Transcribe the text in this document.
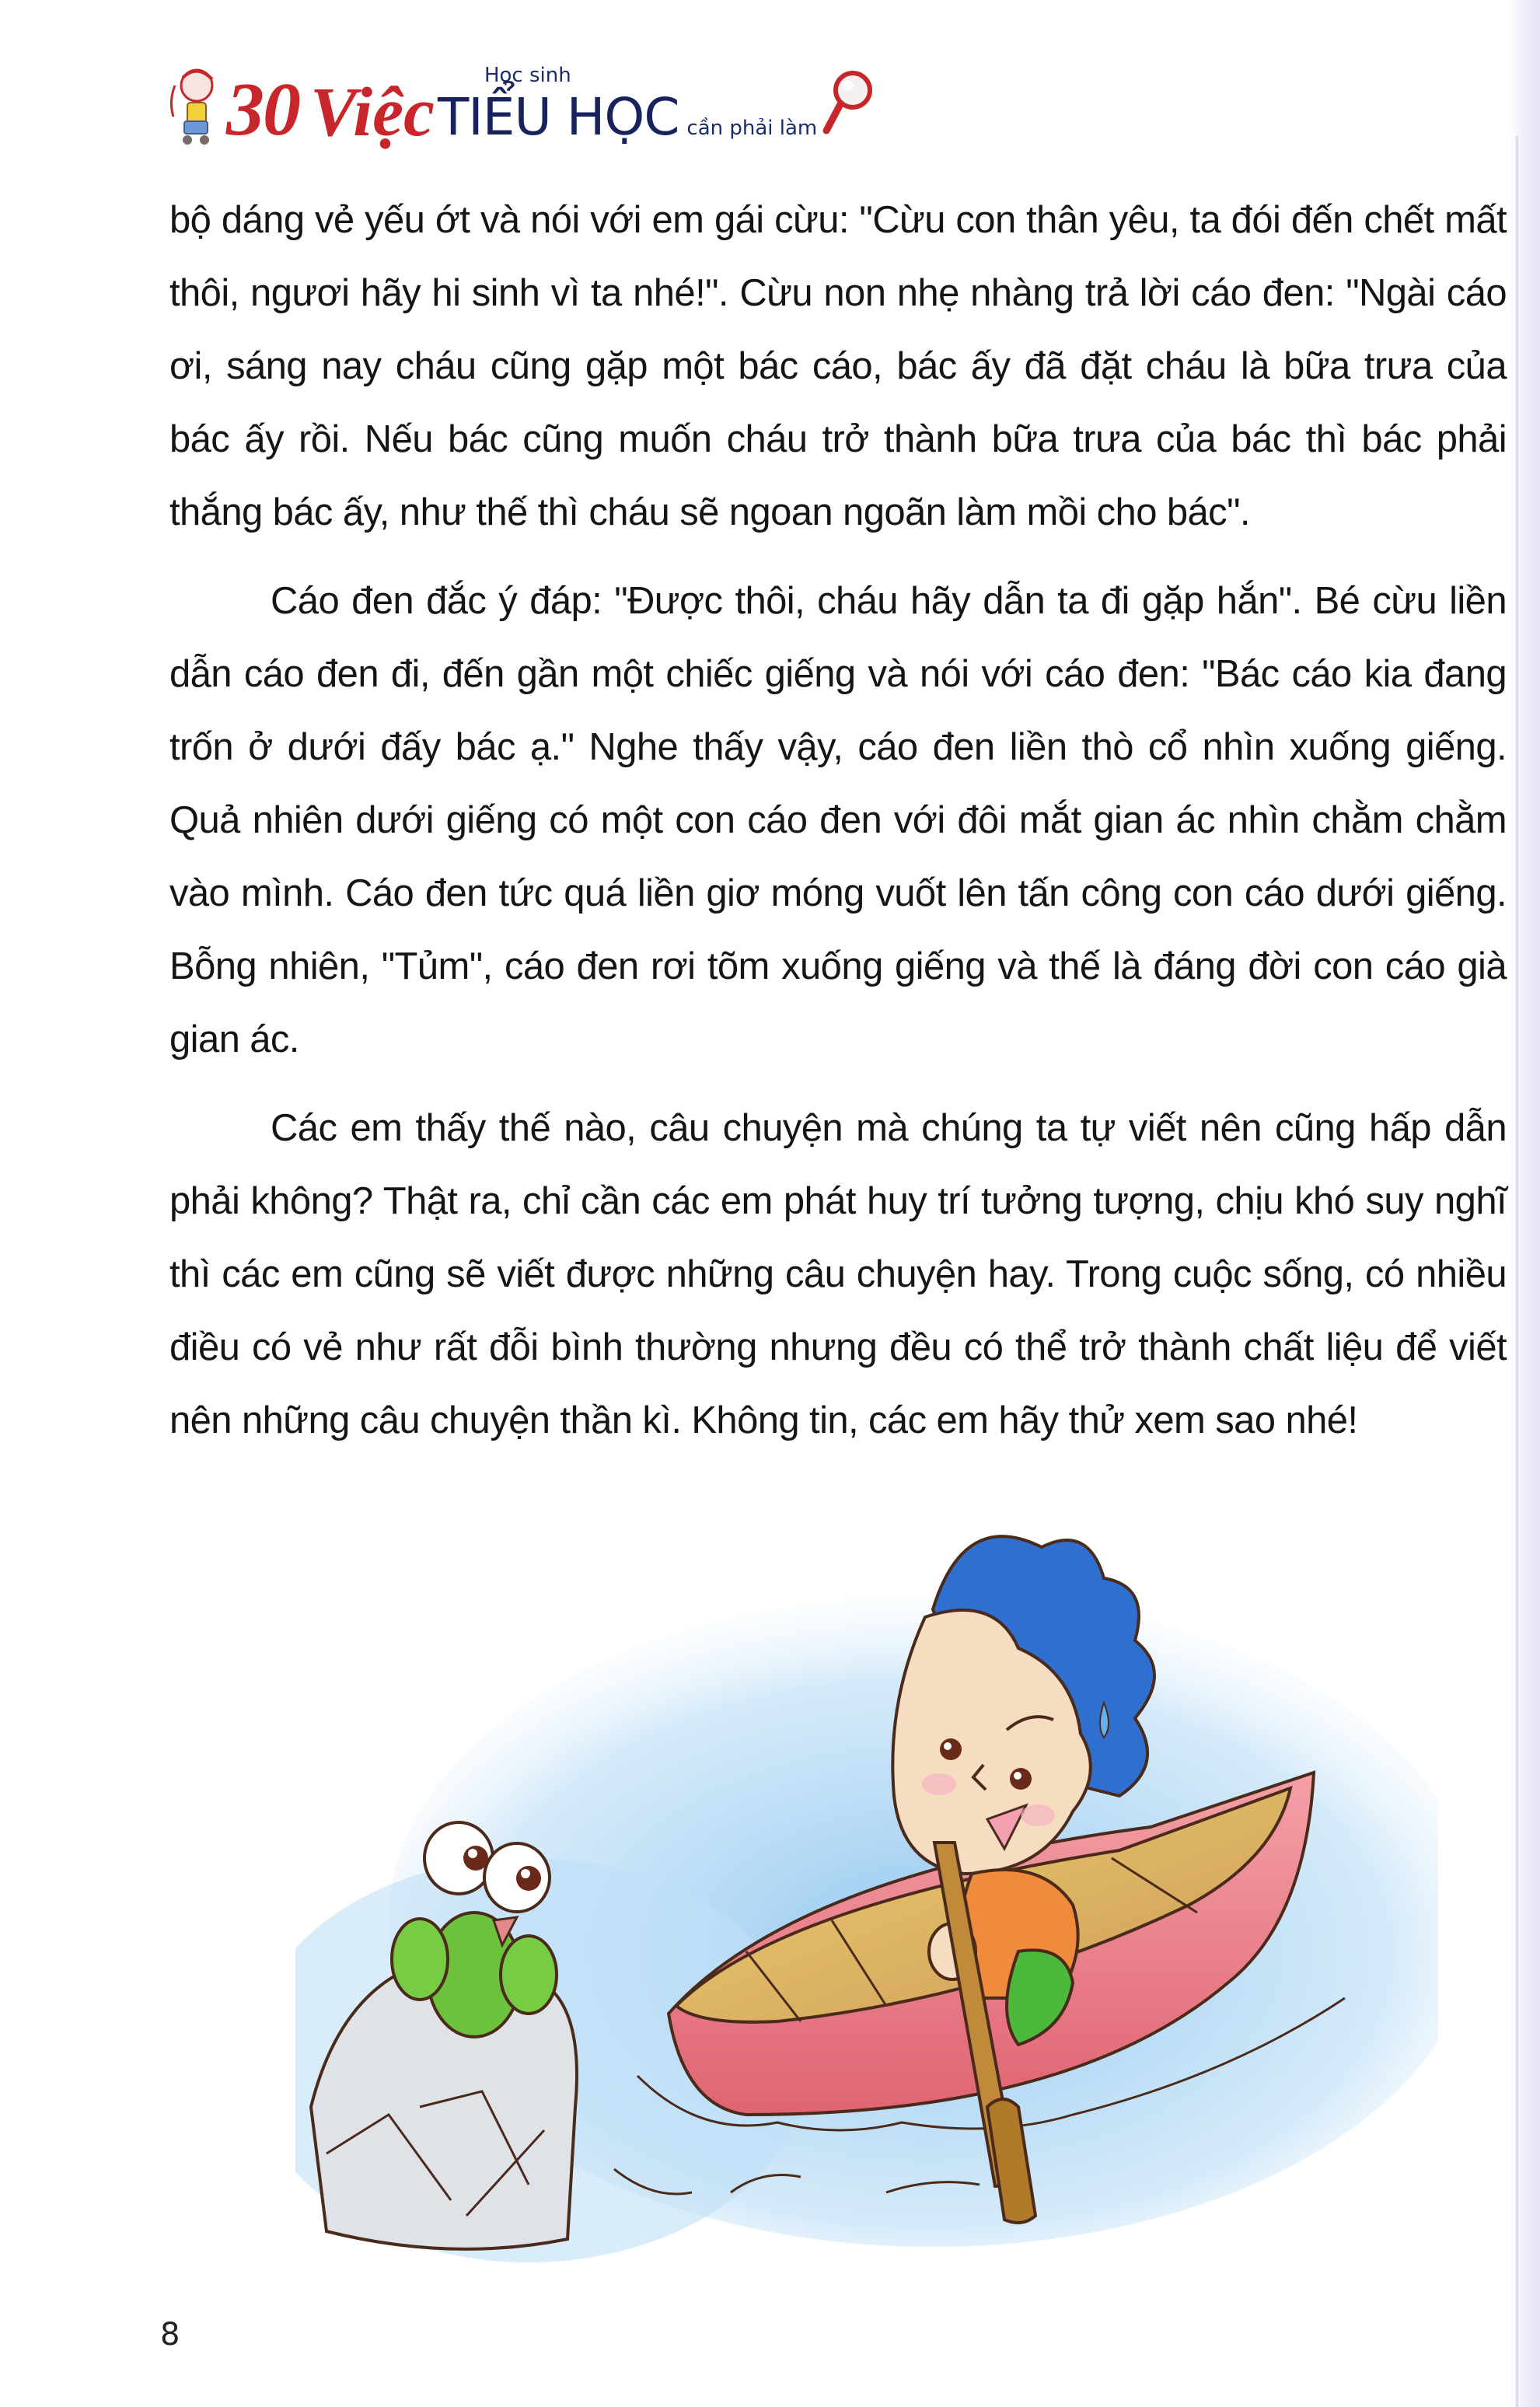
30 Việc Học sinh
TIỂU HỌC cần phải làm

bộ dáng vẻ yếu ớt và nói với em gái cừu: "Cừu con thân yêu, ta đói đến chết mất thôi, ngươi hãy hi sinh vì ta nhé!". Cừu non nhẹ nhàng trả lời cáo đen: "Ngài cáo ơi, sáng nay cháu cũng gặp một bác cáo, bác ấy đã đặt cháu là bữa trưa của bác ấy rồi. Nếu bác cũng muốn cháu trở thành bữa trưa của bác thì bác phải thắng bác ấy, như thế thì cháu sẽ ngoan ngoãn làm mồi cho bác".

Cáo đen đắc ý đáp: "Được thôi, cháu hãy dẫn ta đi gặp hắn". Bé cừu liền dẫn cáo đen đi, đến gần một chiếc giếng và nói với cáo đen: "Bác cáo kia đang trốn ở dưới đấy bác ạ." Nghe thấy vậy, cáo đen liền thò cổ nhìn xuống giếng. Quả nhiên dưới giếng có một con cáo đen với đôi mắt gian ác nhìn chằm chằm vào mình. Cáo đen tức quá liền giơ móng vuốt lên tấn công con cáo dưới giếng. Bỗng nhiên, "Tủm", cáo đen rơi tõm xuống giếng và thế là đáng đời con cáo già gian ác.

Các em thấy thế nào, câu chuyện mà chúng ta tự viết nên cũng hấp dẫn phải không? Thật ra, chỉ cần các em phát huy trí tưởng tượng, chịu khó suy nghĩ thì các em cũng sẽ viết được những câu chuyện hay. Trong cuộc sống, có nhiều điều có vẻ như rất đỗi bình thường nhưng đều có thể trở thành chất liệu để viết nên những câu chuyện thần kì. Không tin, các em hãy thử xem sao nhé!

8
